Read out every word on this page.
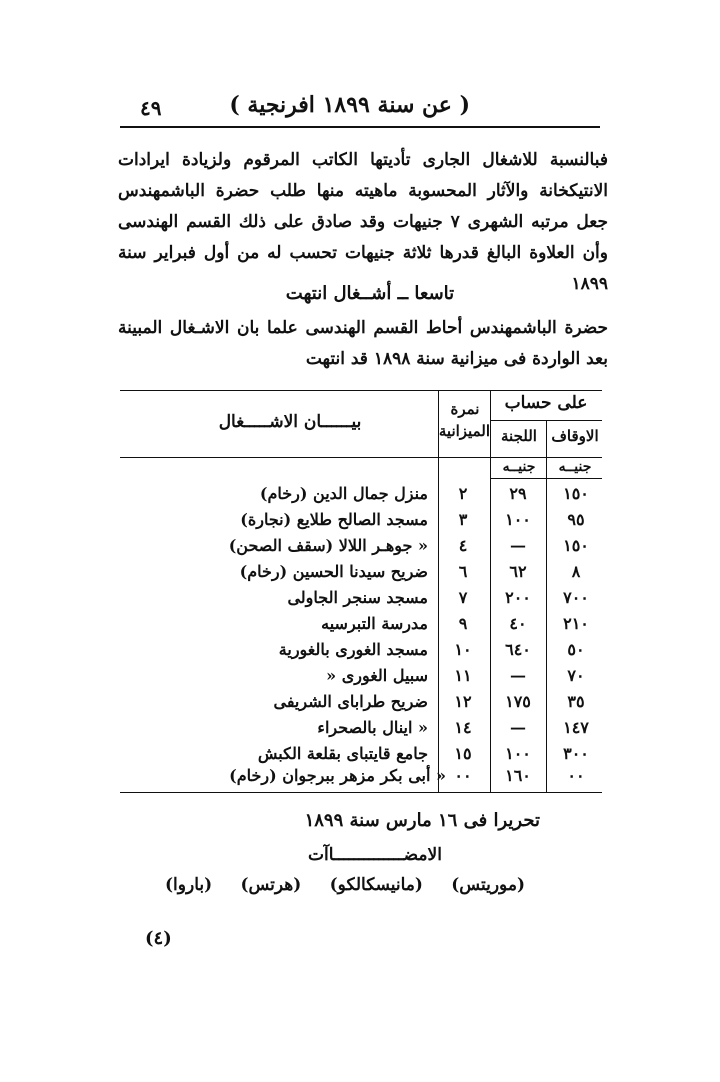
٤٩	( عن سنة ١٨٩٩ افرنجية )
فبالنسبة للاشغال الجارى تأديتها الكاتب المرقوم ولزيادة ايرادات الانتيكخانة والآثار المحسوبة ماهيته منها طلب حضرة الباشمهندس جعل مرتبه الشهرى ٧ جنيهات وقد صادق على ذلك القسم الهندسى وأن العلاوة البالغ قدرها ثلاثة جنيهات تحسب له من أول فبراير سنة ١٨٩٩
تاسعا ــ أشــغال انتهت
حضرة الباشمهندس أحاط القسم الهندسى علما بان الاشـغال المبينة بعد الواردة فى ميزانية سنة ١٨٩٨ قد انتهت
على حساب
الاوقاف
اللجنة
نمرة الميزانية
بيــــــان الاشـــــغال
جنيــه
جنيــه
١٥٠
٢٩
٢
منزل جمال الدين (رخام)
٩٥
١٠٠
٣
مسجد الصالح طلايع (نجارة)
١٥٠
—
٤
« جوهـر اللالا (سقف الصحن)
٨
٦٢
٦
ضريح سيدنا الحسين (رخام)
٧٠٠
٢٠٠
٧
مسجد سنجر الجاولى
٢١٠
٤٠
٩
مدرسة التبرسيه
٥٠
٦٤٠
١٠
مسجد الغورى بالغورية
٧٠
—
١١
سبيل الغورى «
٣٥
١٧٥
١٢
ضريح طراباى الشريفى
١٤٧
—
١٤
« اينال بالصحراء
٣٠٠
١٠٠
١٥
جامع قايتباى بقلعة الكبش
٠٠
١٦٠
٠٠
« أبى بكر مزهر ببرجوان (رخام)
تحريرا فى ١٦ مارس سنة ١٨٩٩
الامضــــــــــــــاآت
(موريتس)
(مانيسكالكو)
(هرتس)
(باروا)
(٤)
